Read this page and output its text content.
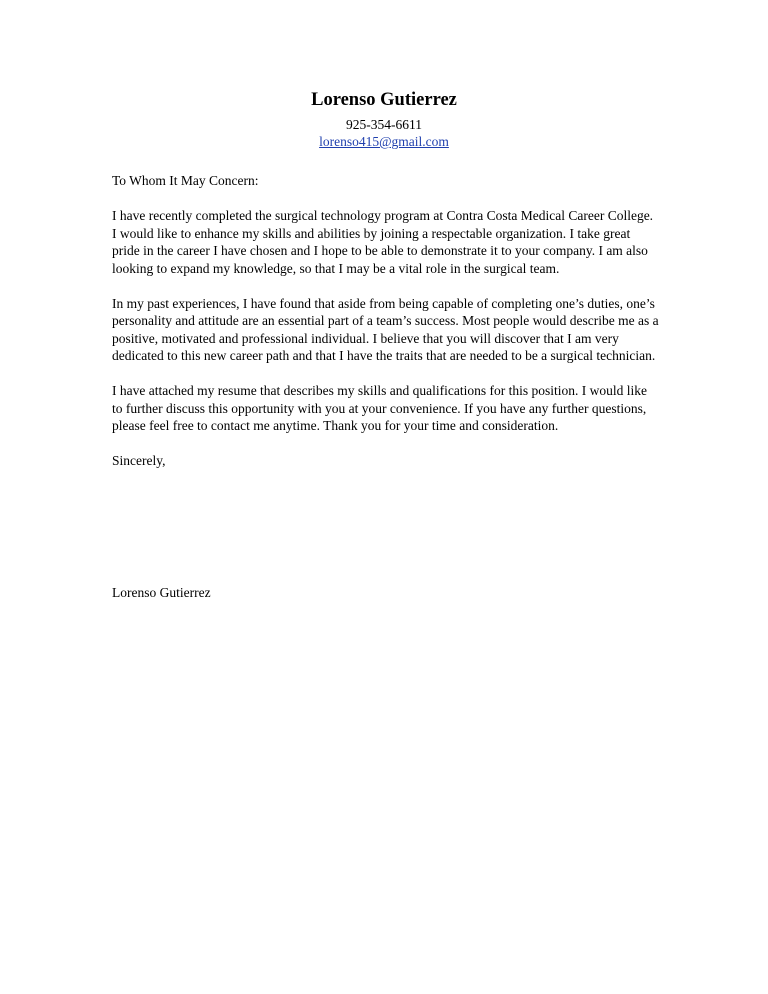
Lorenso Gutierrez
925-354-6611
lorenso415@gmail.com

To Whom It May Concern:

I have recently completed the surgical technology program at Contra Costa Medical Career College. I would like to enhance my skills and abilities by joining a respectable organization. I take great pride in the career I have chosen and I hope to be able to demonstrate it to your company. I am also looking to expand my knowledge, so that I may be a vital role in the surgical team.

In my past experiences, I have found that aside from being capable of completing one’s duties, one’s personality and attitude are an essential part of a team’s success. Most people would describe me as a positive, motivated and professional individual. I believe that you will discover that I am very dedicated to this new career path and that I have the traits that are needed to be a surgical technician.

I have attached my resume that describes my skills and qualifications for this position. I would like to further discuss this opportunity with you at your convenience. If you have any further questions, please feel free to contact me anytime. Thank you for your time and consideration.

Sincerely,

Lorenso Gutierrez
